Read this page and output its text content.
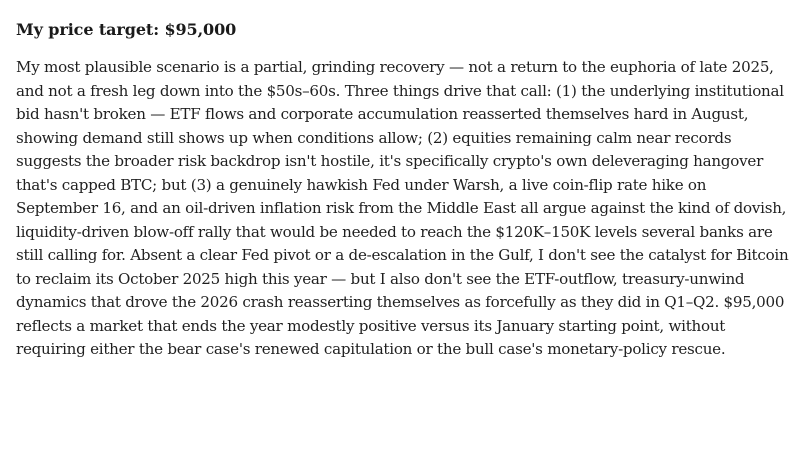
My price target: $95,000

My most plausible scenario is a partial, grinding recovery — not a return to the euphoria of late 2025, and not a fresh leg down into the $50s–60s. Three things drive that call: (1) the underlying institutional bid hasn't broken — ETF flows and corporate accumulation reasserted themselves hard in August, showing demand still shows up when conditions allow; (2) equities remaining calm near records suggests the broader risk backdrop isn't hostile, it's specifically crypto's own deleveraging hangover that's capped BTC; but (3) a genuinely hawkish Fed under Warsh, a live coin-flip rate hike on September 16, and an oil-driven inflation risk from the Middle East all argue against the kind of dovish, liquidity-driven blow-off rally that would be needed to reach the $120K–150K levels several banks are still calling for. Absent a clear Fed pivot or a de-escalation in the Gulf, I don't see the catalyst for Bitcoin to reclaim its October 2025 high this year — but I also don't see the ETF-outflow, treasury-unwind dynamics that drove the 2026 crash reasserting themselves as forcefully as they did in Q1–Q2. $95,000 reflects a market that ends the year modestly positive versus its January starting point, without requiring either the bear case's renewed capitulation or the bull case's monetary-policy rescue.
